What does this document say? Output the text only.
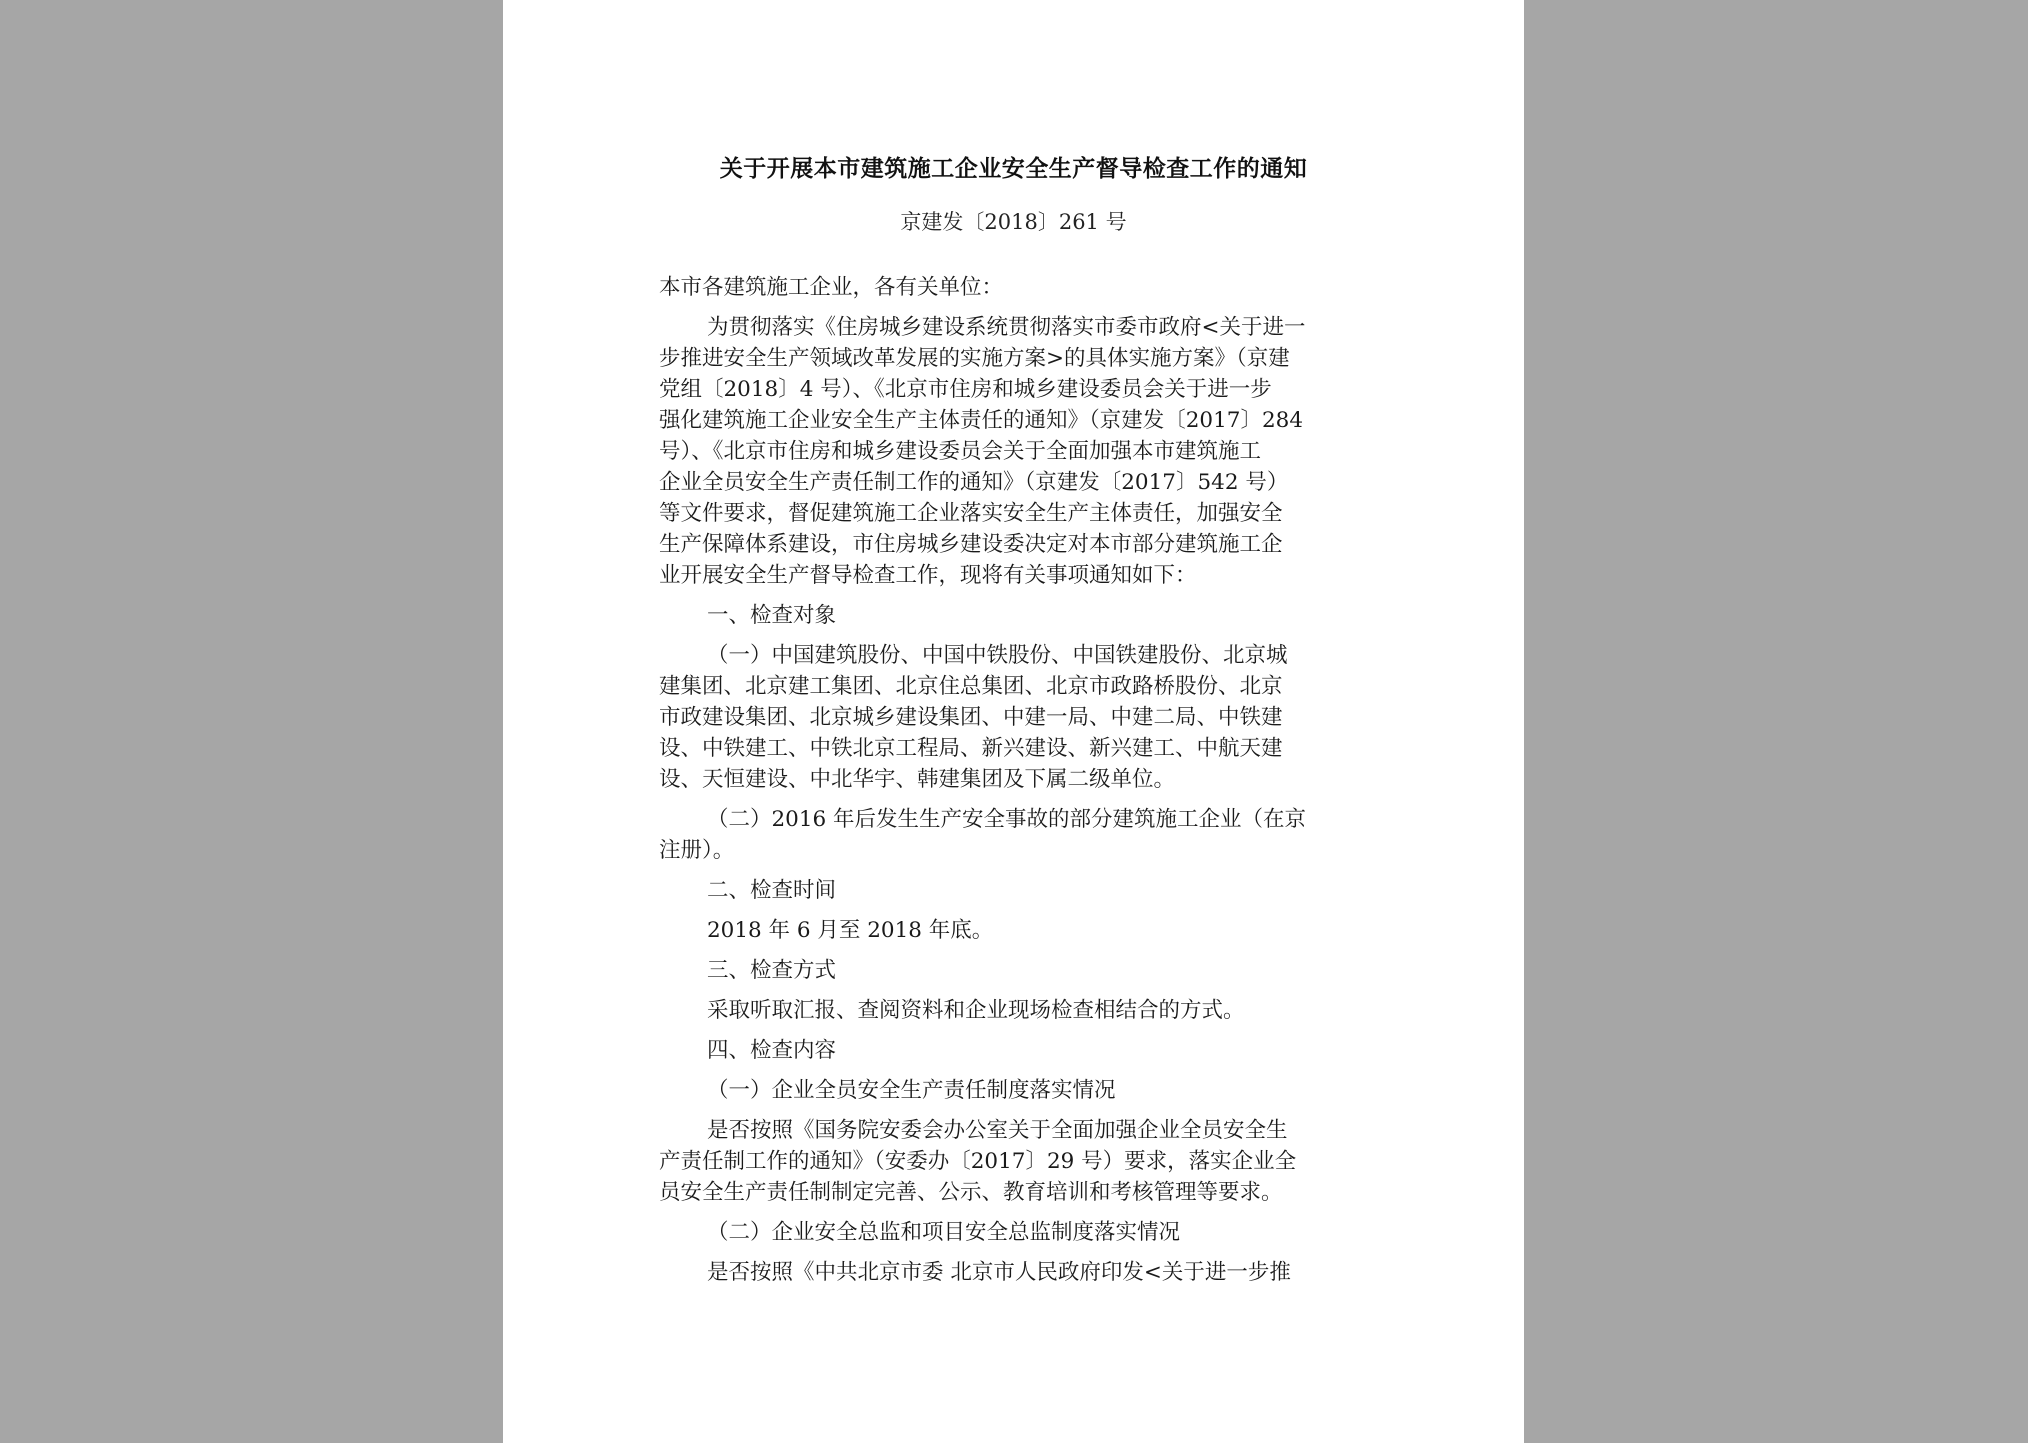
关于开展本市建筑施工企业安全生产督导检查工作的通知
京建发〔2018〕261 号
本市各建筑施工企业，各有关单位：
为贯彻落实《住房城乡建设系统贯彻落实市委市政府<关于进一
步推进安全生产领域改革发展的实施方案>的具体实施方案》（京建
党组〔2018〕4 号）、《北京市住房和城乡建设委员会关于进一步
强化建筑施工企业安全生产主体责任的通知》（京建发〔2017〕284
号）、《北京市住房和城乡建设委员会关于全面加强本市建筑施工
企业全员安全生产责任制工作的通知》（京建发〔2017〕542 号）
等文件要求，督促建筑施工企业落实安全生产主体责任，加强安全
生产保障体系建设，市住房城乡建设委决定对本市部分建筑施工企
业开展安全生产督导检查工作，现将有关事项通知如下：
一、检查对象
（一）中国建筑股份、中国中铁股份、中国铁建股份、北京城
建集团、北京建工集团、北京住总集团、北京市政路桥股份、北京
市政建设集团、北京城乡建设集团、中建一局、中建二局、中铁建
设、中铁建工、中铁北京工程局、新兴建设、新兴建工、中航天建
设、天恒建设、中北华宇、韩建集团及下属二级单位。
（二）2016 年后发生生产安全事故的部分建筑施工企业（在京
注册）。
二、检查时间
2018 年 6 月至 2018 年底。
三、检查方式
采取听取汇报、查阅资料和企业现场检查相结合的方式。
四、检查内容
（一）企业全员安全生产责任制度落实情况
是否按照《国务院安委会办公室关于全面加强企业全员安全生
产责任制工作的通知》（安委办〔2017〕29 号）要求，落实企业全
员安全生产责任制制定完善、公示、教育培训和考核管理等要求。
（二）企业安全总监和项目安全总监制度落实情况
是否按照《中共北京市委 北京市人民政府印发<关于进一步推
